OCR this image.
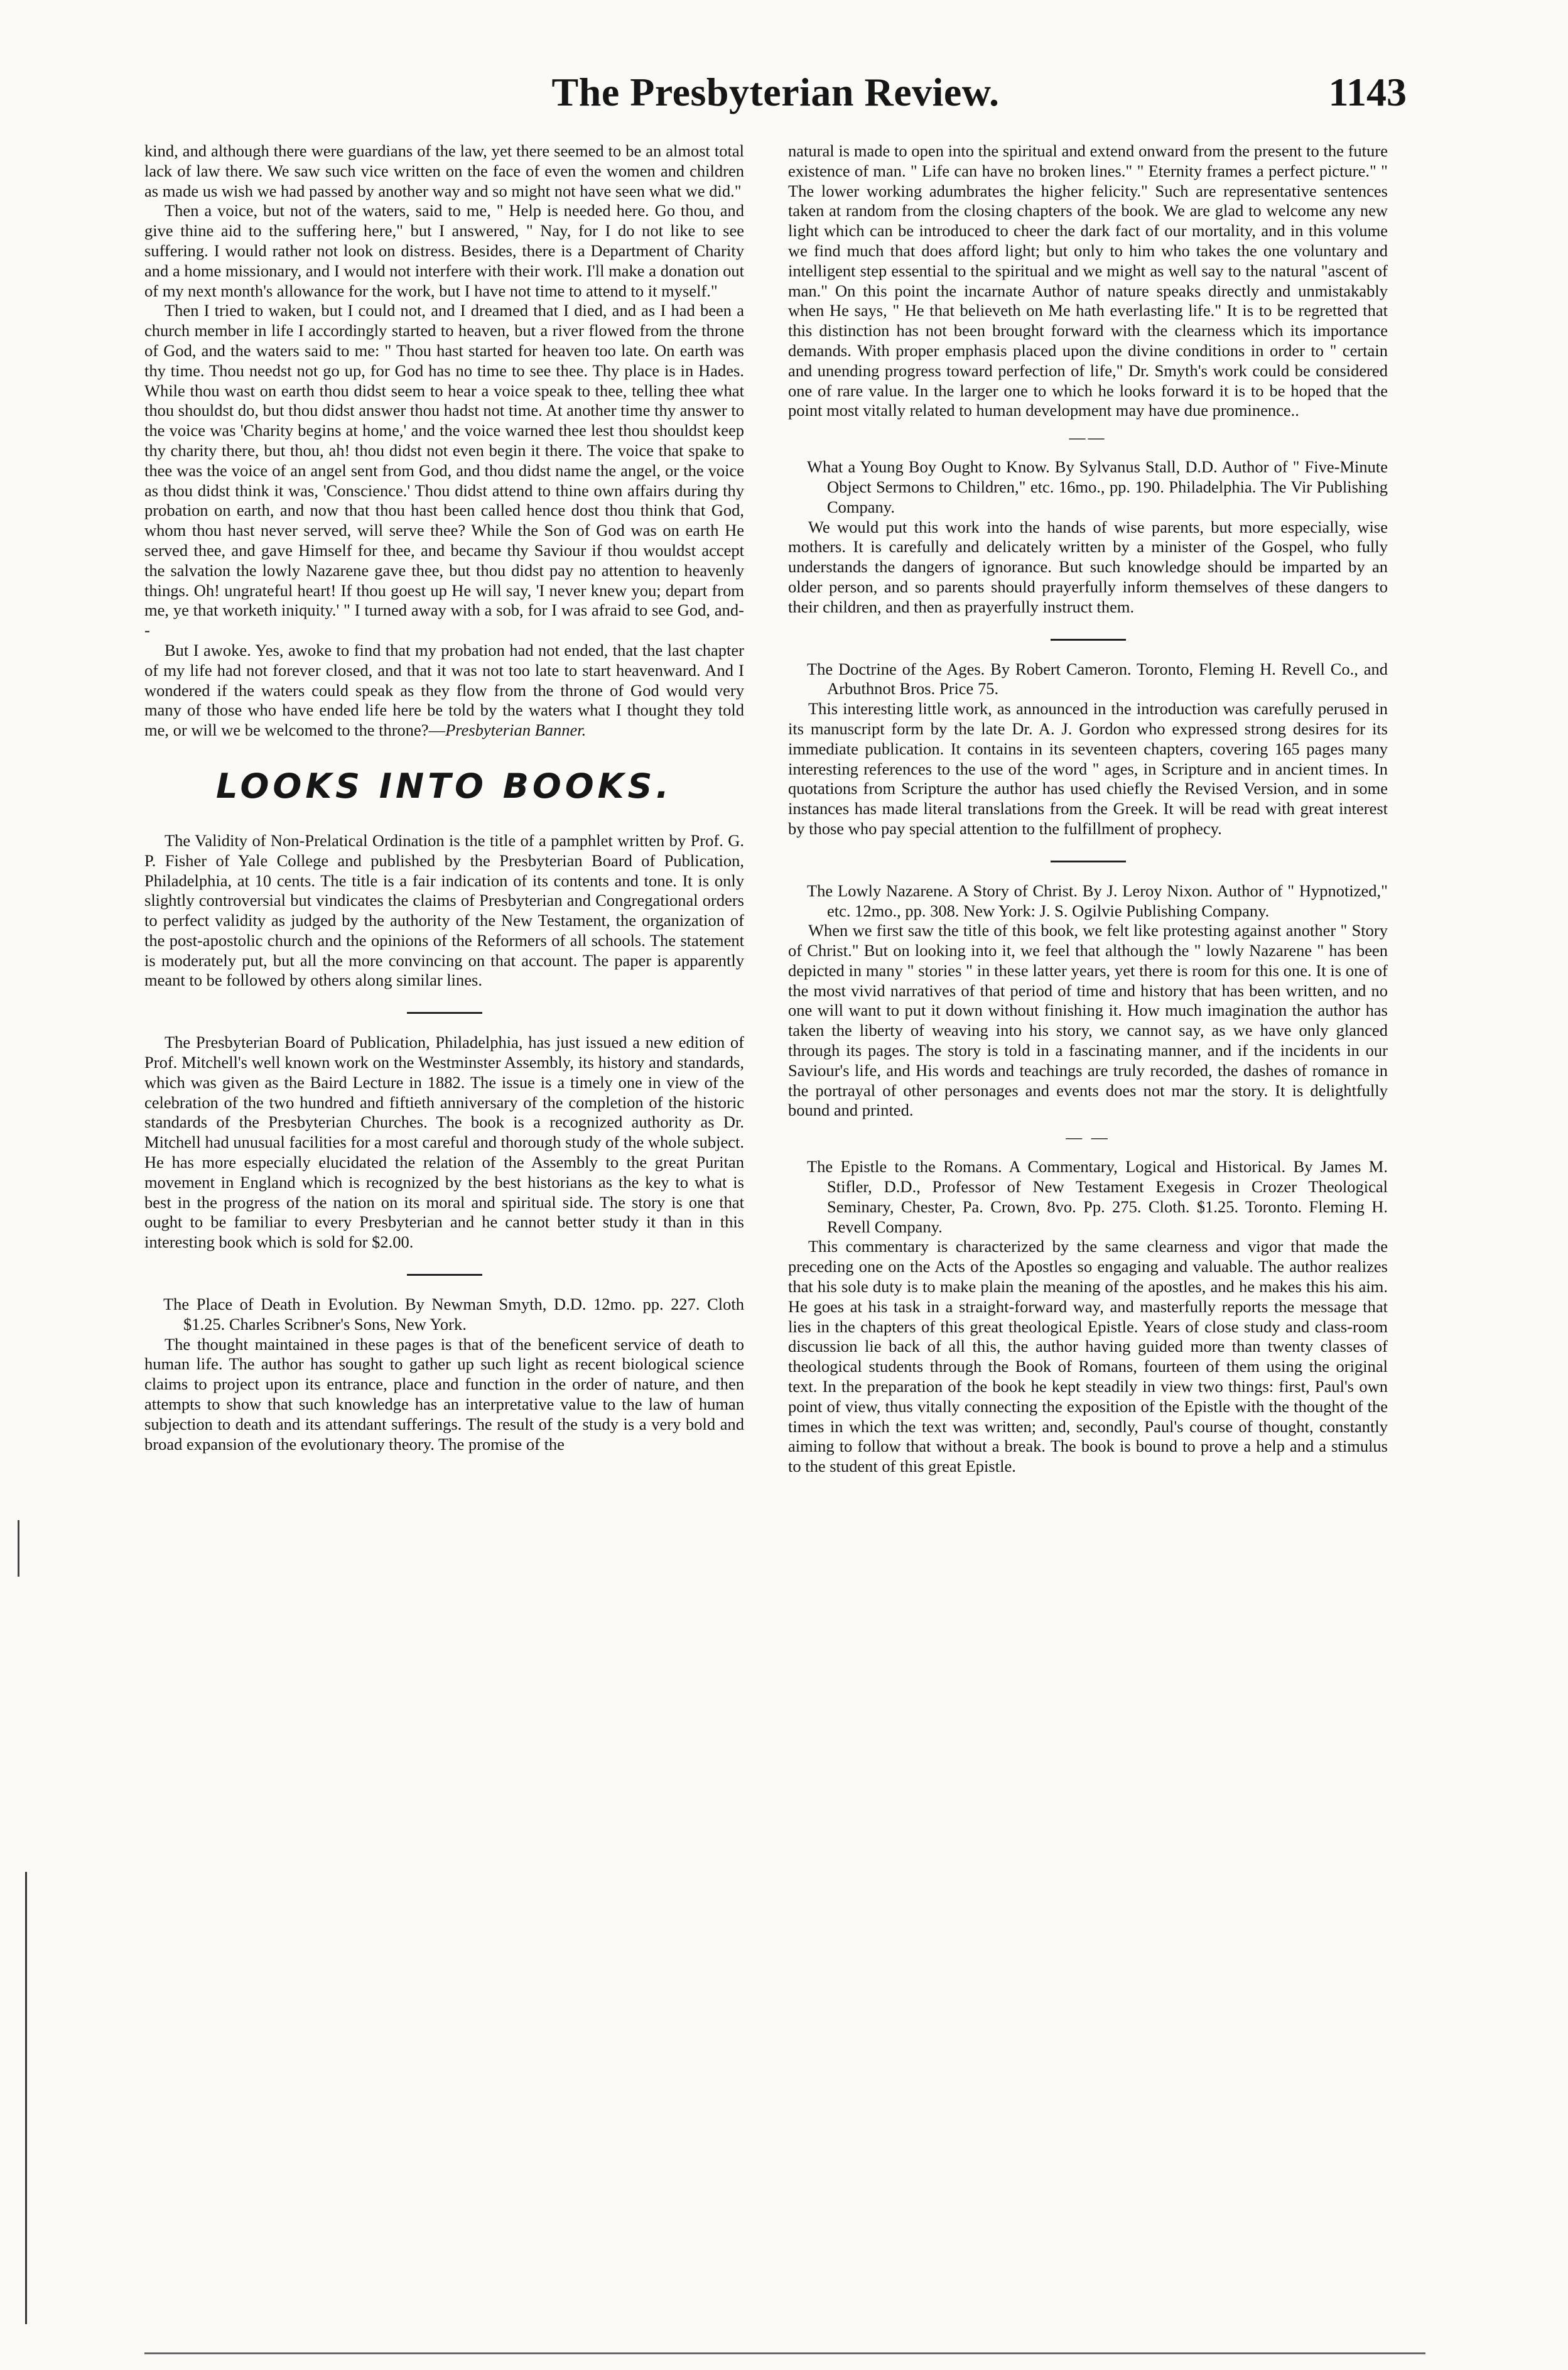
The Presbyterian Review.	1143

kind, and although there were guardians of the law, yet there seemed to be an almost total lack of law there. We saw such vice written on the face of even the women and children as made us wish we had passed by another way and so might not have seen what we did."

Then a voice, but not of the waters, said to me, " Help is needed here. Go thou, and give thine aid to the suffering here," but I answered, " Nay, for I do not like to see suffering. I would rather not look on distress. Besides, there is a Department of Charity and a home missionary, and I would not interfere with their work. I'll make a donation out of my next month's allowance for the work, but I have not time to attend to it myself."

Then I tried to waken, but I could not, and I dreamed that I died, and as I had been a church member in life I accordingly started to heaven, but a river flowed from the throne of God, and the waters said to me: " Thou hast started for heaven too late. On earth was thy time. Thou needst not go up, for God has no time to see thee. Thy place is in Hades. While thou wast on earth thou didst seem to hear a voice speak to thee, telling thee what thou shouldst do, but thou didst answer thou hadst not time. At another time thy answer to the voice was 'Charity begins at home,' and the voice warned thee lest thou shouldst keep thy charity there, but thou, ah! thou didst not even begin it there. The voice that spake to thee was the voice of an angel sent from God, and thou didst name the angel, or the voice as thou didst think it was, 'Conscience.' Thou didst attend to thine own affairs during thy probation on earth, and now that thou hast been called hence dost thou think that God, whom thou hast never served, will serve thee? While the Son of God was on earth He served thee, and gave Himself for thee, and became thy Saviour if thou wouldst accept the salvation the lowly Nazarene gave thee, but thou didst pay no attention to heavenly things. Oh! ungrateful heart! If thou goest up He will say, 'I never knew you; depart from me, ye that worketh iniquity.' " I turned away with a sob, for I was afraid to see God, and--

But I awoke. Yes, awoke to find that my probation had not ended, that the last chapter of my life had not forever closed, and that it was not too late to start heavenward. And I wondered if the waters could speak as they flow from the throne of God would very many of those who have ended life here be told by the waters what I thought they told me, or will we be welcomed to the throne?—Presbyterian Banner.

LOOKS INTO BOOKS.

The Validity of Non-Prelatical Ordination is the title of a pamphlet written by Prof. G. P. Fisher of Yale College and published by the Presbyterian Board of Publication, Philadelphia, at 10 cents. The title is a fair indication of its contents and tone. It is only slightly controversial but vindicates the claims of Presbyterian and Congregational orders to perfect validity as judged by the authority of the New Testament, the organization of the post-apostolic church and the opinions of the Reformers of all schools. The statement is moderately put, but all the more convincing on that account. The paper is apparently meant to be followed by others along similar lines.

The Presbyterian Board of Publication, Philadelphia, has just issued a new edition of Prof. Mitchell's well known work on the Westminster Assembly, its history and standards, which was given as the Baird Lecture in 1882. The issue is a timely one in view of the celebration of the two hundred and fiftieth anniversary of the completion of the historic standards of the Presbyterian Churches. The book is a recognized authority as Dr. Mitchell had unusual facilities for a most careful and thorough study of the whole subject. He has more especially elucidated the relation of the Assembly to the great Puritan movement in England which is recognized by the best historians as the key to what is best in the progress of the nation on its moral and spiritual side. The story is one that ought to be familiar to every Presbyterian and he cannot better study it than in this interesting book which is sold for $2.00.

The Place of Death in Evolution. By Newman Smyth, D.D. 12mo. pp. 227. Cloth $1.25. Charles Scribner's Sons, New York.

The thought maintained in these pages is that of the beneficent service of death to human life. The author has sought to gather up such light as recent biological science claims to project upon its entrance, place and function in the order of nature, and then attempts to show that such knowledge has an interpretative value to the law of human subjection to death and its attendant sufferings. The result of the study is a very bold and broad expansion of the evolutionary theory. The promise of the

natural is made to open into the spiritual and extend onward from the present to the future existence of man. " Life can have no broken lines." " Eternity frames a perfect picture." " The lower working adumbrates the higher felicity." Such are representative sentences taken at random from the closing chapters of the book. We are glad to welcome any new light which can be introduced to cheer the dark fact of our mortality, and in this volume we find much that does afford light; but only to him who takes the one voluntary and intelligent step essential to the spiritual and we might as well say to the natural "ascent of man." On this point the incarnate Author of nature speaks directly and unmistakably when He says, " He that believeth on Me hath everlasting life." It is to be regretted that this distinction has not been brought forward with the clearness which its importance demands. With proper emphasis placed upon the divine conditions in order to " certain and unending progress toward perfection of life," Dr. Smyth's work could be considered one of rare value. In the larger one to which he looks forward it is to be hoped that the point most vitally related to human development may have due prominence..

——

What a Young Boy Ought to Know. By Sylvanus Stall, D.D. Author of " Five-Minute Object Sermons to Children," etc. 16mo., pp. 190. Philadelphia. The Vir Publishing Company.

We would put this work into the hands of wise parents, but more especially, wise mothers. It is carefully and delicately written by a minister of the Gospel, who fully understands the dangers of ignorance. But such knowledge should be imparted by an older person, and so parents should prayerfully inform themselves of these dangers to their children, and then as prayerfully instruct them.

The Doctrine of the Ages. By Robert Cameron. Toronto, Fleming H. Revell Co., and Arbuthnot Bros. Price 75.

This interesting little work, as announced in the introduction was carefully perused in its manuscript form by the late Dr. A. J. Gordon who expressed strong desires for its immediate publication. It contains in its seventeen chapters, covering 165 pages many interesting references to the use of the word " ages, in Scripture and in ancient times. In quotations from Scripture the author has used chiefly the Revised Version, and in some instances has made literal translations from the Greek. It will be read with great interest by those who pay special attention to the fulfillment of prophecy.

The Lowly Nazarene. A Story of Christ. By J. Leroy Nixon. Author of " Hypnotized," etc. 12mo., pp. 308. New York: J. S. Ogilvie Publishing Company.

When we first saw the title of this book, we felt like protesting against another " Story of Christ." But on looking into it, we feel that although the " lowly Nazarene " has been depicted in many " stories " in these latter years, yet there is room for this one. It is one of the most vivid narratives of that period of time and history that has been written, and no one will want to put it down without finishing it. How much imagination the author has taken the liberty of weaving into his story, we cannot say, as we have only glanced through its pages. The story is told in a fascinating manner, and if the incidents in our Saviour's life, and His words and teachings are truly recorded, the dashes of romance in the portrayal of other personages and events does not mar the story. It is delightfully bound and printed.

— —

The Epistle to the Romans. A Commentary, Logical and Historical. By James M. Stifler, D.D., Professor of New Testament Exegesis in Crozer Theological Seminary, Chester, Pa. Crown, 8vo. Pp. 275. Cloth. $1.25. Toronto. Fleming H. Revell Company.

This commentary is characterized by the same clearness and vigor that made the preceding one on the Acts of the Apostles so engaging and valuable. The author realizes that his sole duty is to make plain the meaning of the apostles, and he makes this his aim. He goes at his task in a straight-forward way, and masterfully reports the message that lies in the chapters of this great theological Epistle. Years of close study and class-room discussion lie back of all this, the author having guided more than twenty classes of theological students through the Book of Romans, fourteen of them using the original text. In the preparation of the book he kept steadily in view two things: first, Paul's own point of view, thus vitally connecting the exposition of the Epistle with the thought of the times in which the text was written; and, secondly, Paul's course of thought, constantly aiming to follow that without a break. The book is bound to prove a help and a stimulus to the student of this great Epistle.
